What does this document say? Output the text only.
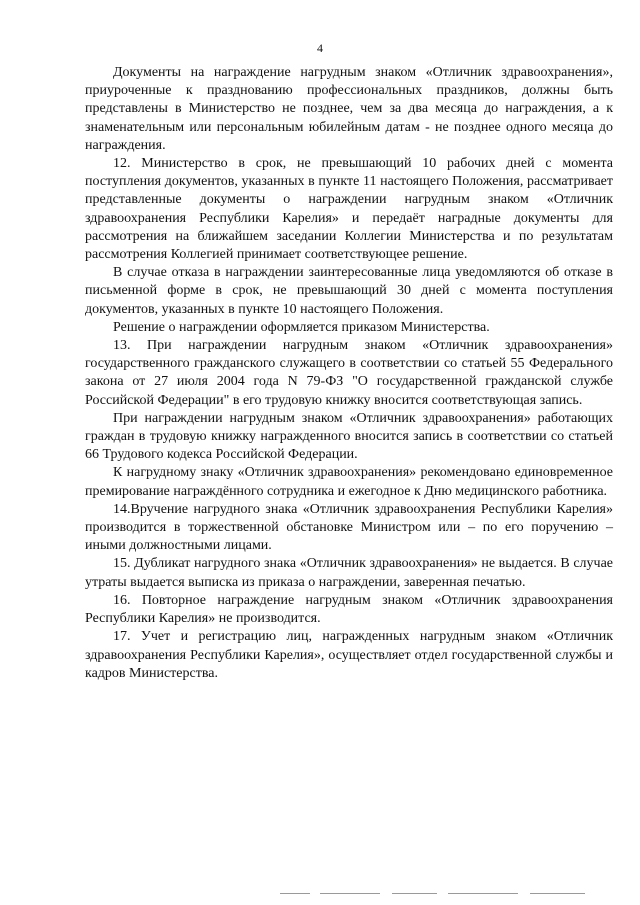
4

Документы на награждение нагрудным знаком «Отличник здравоохранения», приуроченные к празднованию профессиональных праздников, должны быть представлены в Министерство не позднее, чем за два месяца до награждения, а к знаменательным или персональным юбилейным датам - не позднее одного месяца до награждения.

12. Министерство в срок, не превышающий 10 рабочих дней с момента поступления документов, указанных в пункте 11 настоящего Положения, рассматривает представленные документы о награждении нагрудным знаком «Отличник здравоохранения Республики Карелия» и передаёт наградные документы для рассмотрения на ближайшем заседании Коллегии Министерства и по результатам рассмотрения Коллегией принимает соответствующее решение.

В случае отказа в награждении заинтересованные лица уведомляются об отказе в письменной форме в срок, не превышающий 30 дней с момента поступления документов, указанных в пункте 10 настоящего Положения.

Решение о награждении оформляется приказом Министерства.

13. При награждении нагрудным знаком «Отличник здравоохранения» государственного гражданского служащего в соответствии со статьей 55 Федерального закона от 27 июля 2004 года N 79-ФЗ "О государственной гражданской службе Российской Федерации" в его трудовую книжку вносится соответствующая запись.

При награждении нагрудным знаком «Отличник здравоохранения» работающих граждан в трудовую книжку награжденного вносится запись в соответствии со статьей 66 Трудового кодекса Российской Федерации.

К нагрудному знаку «Отличник здравоохранения» рекомендовано единовременное премирование награждённого сотрудника и ежегодное к Дню медицинского работника.

14.Вручение нагрудного знака «Отличник здравоохранения Республики Карелия» производится в торжественной обстановке Министром или – по его поручению – иными должностными лицами.

15. Дубликат нагрудного знака «Отличник здравоохранения» не выдается. В случае утраты выдается выписка из приказа о награждении, заверенная печатью.

16. Повторное награждение нагрудным знаком «Отличник здравоохранения Республики Карелия» не производится.

17. Учет и регистрацию лиц, награжденных нагрудным знаком «Отличник здравоохранения Республики Карелия», осуществляет отдел государственной службы и кадров Министерства.
